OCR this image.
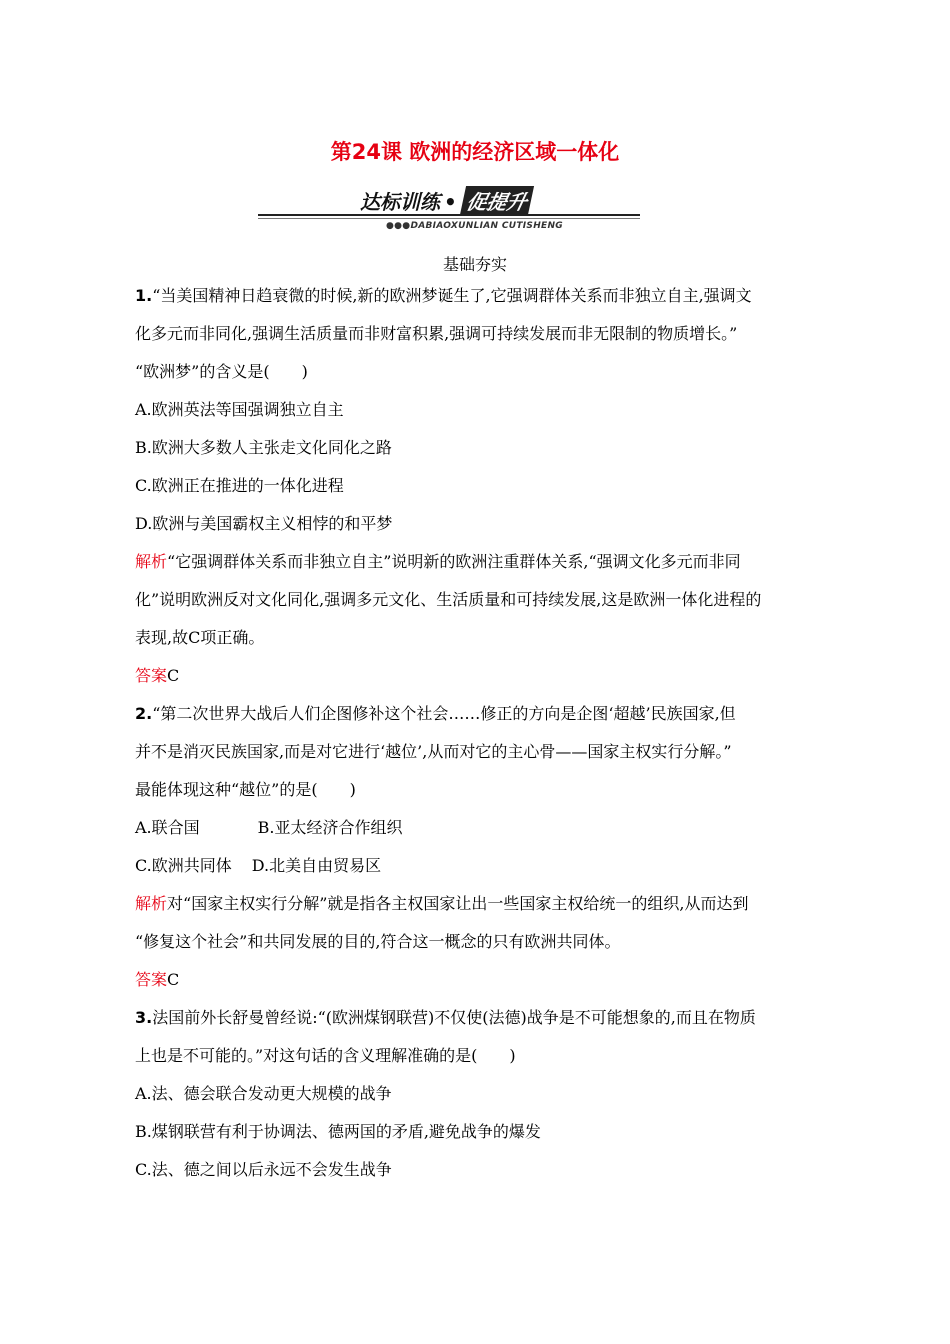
第24课 欧洲的经济区域一体化
达标训练 • 促提升
●●●DABIAOXUNLIAN CUTISHENG
基础夯实

1.“当美国精神日趋衰微的时候,新的欧洲梦诞生了,它强调群体关系而非独立自主,强调文

化多元而非同化,强调生活质量而非财富积累,强调可持续发展而非无限制的物质增长。”

“欧洲梦”的含义是(　　)

A.欧洲英法等国强调独立自主

B.欧洲大多数人主张走文化同化之路

C.欧洲正在推进的一体化进程

D.欧洲与美国霸权主义相悖的和平梦

解析“它强调群体关系而非独立自主”说明新的欧洲注重群体关系,“强调文化多元而非同

化”说明欧洲反对文化同化,强调多元文化、生活质量和可持续发展,这是欧洲一体化进程的

表现,故C项正确。

答案C

2.“第二次世界大战后人们企图修补这个社会……修正的方向是企图‘超越’民族国家,但

并不是消灭民族国家,而是对它进行‘越位’,从而对它的主心骨——国家主权实行分解。”

最能体现这种“越位”的是(　　)

A.联合国	B.亚太经济合作组织

C.欧洲共同体 D.北美自由贸易区

解析对“国家主权实行分解”就是指各主权国家让出一些国家主权给统一的组织,从而达到

“修复这个社会”和共同发展的目的,符合这一概念的只有欧洲共同体。

答案C

3.法国前外长舒曼曾经说:“(欧洲煤钢联营)不仅使(法德)战争是不可能想象的,而且在物质

上也是不可能的。”对这句话的含义理解准确的是(　　)

A.法、德会联合发动更大规模的战争

B.煤钢联营有利于协调法、德两国的矛盾,避免战争的爆发

C.法、德之间以后永远不会发生战争
